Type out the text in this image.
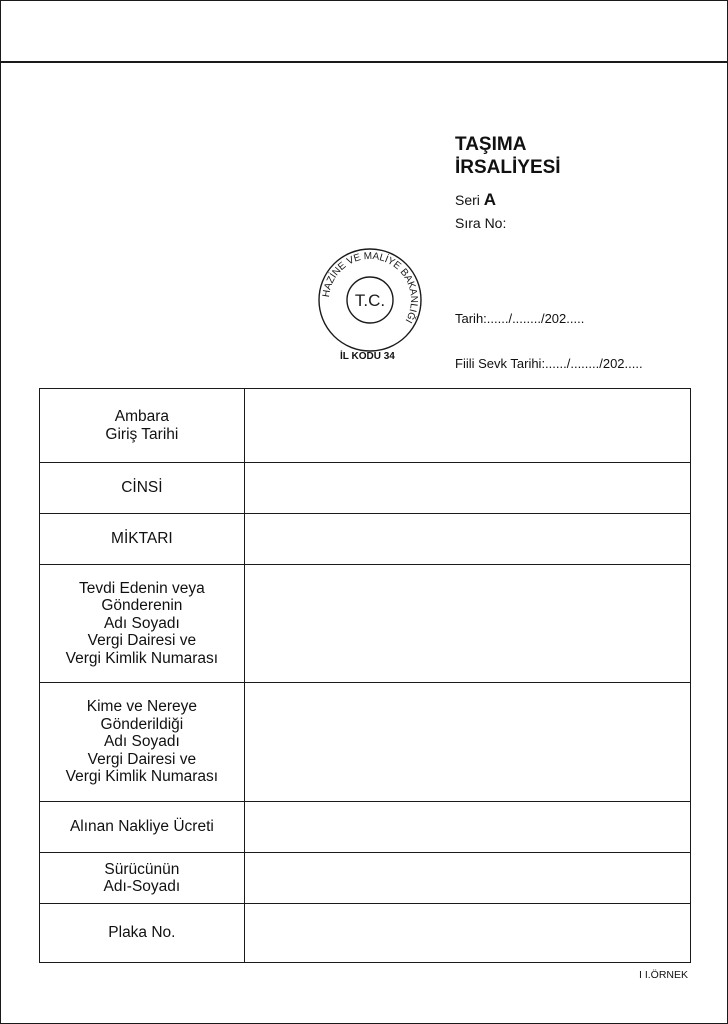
TAŞIMA
İRSALİYESİ
Seri A
Sıra No:
HAZİNE VE MALİYE BAKANLIĞI
T.C.
İL KODU 34
Tarih:....../......../202.....
Fiili Sevk Tarihi:....../......../202.....
Ambara
Giriş Tarihi	

CİNSİ	

MİKTARI	

Tevdi Edenin veya
Gönderenin
Adı Soyadı
Vergi Dairesi ve
Vergi Kimlik Numarası	

Kime ve Nereye
Gönderildiği
Adı Soyadı
Vergi Dairesi ve
Vergi Kimlik Numarası	

Alınan Nakliye Ücreti	

Sürücünün
Adı-Soyadı	

Plaka No.	

I I.ÖRNEK
